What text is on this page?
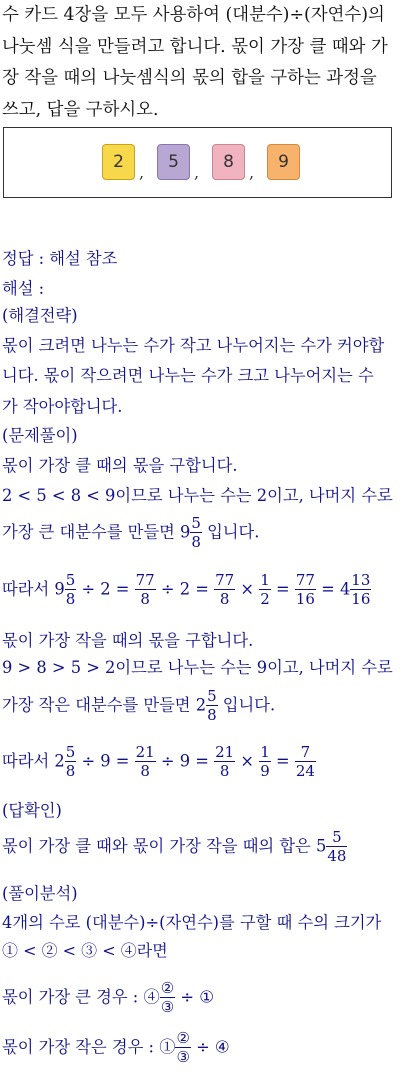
수 카드 4장을 모두 사용하여 (대분수)÷(자연수)의

나눗셈 식을 만들려고 합니다. 몫이 가장 클 때와 가

장 작을 때의 나눗셈식의 몫의 합을 구하는 과정을

쓰고, 답을 구하시오.

2
,
5
,
8
,
9
정답 : 해설 참조
해설 :
(해결전략)
몫이 크려면 나누는 수가 작고 나누어지는 수가 커야합
니다. 몫이 작으려면 나누는 수가 크고 나누어지는 수
가 작아야합니다.
(문제풀이)
몫이 가장 클 때의 몫을 구합니다.
2 < 5 < 8 < 9이므로 나누는 수는 2이고, 나머지 수로
가장 큰 대분수를 만들면 $9 \frac{5}{8}$ 입니다.
따라서 $9 \frac{5}{8} \div 2 = \frac{77}{8} \div 2 = \frac{77}{8} \times \frac{1}{2} = \frac{77}{16} = 4 \frac{13}{16}$
몫이 가장 작을 때의 몫을 구합니다.
9 > 8 > 5 > 2이므로 나누는 수는 9이고, 나머지 수로
가장 작은 대분수를 만들면 $2 \frac{5}{8}$ 입니다.
따라서 $2 \frac{5}{8} \div 9 = \frac{21}{8} \div 9 = \frac{21}{8} \times \frac{1}{9} = \frac{7}{24}$
(답확인)
몫이 가장 클 때와 몫이 가장 작을 때의 합은 $5 \frac{5}{48}$
(풀이분석)
4개의 수로 (대분수)÷(자연수)를 구할 때 수의 크기가
① < ② < ③ < ④라면
몫이 가장 큰 경우 : ④ $\frac{\text{②}}{\text{③}}$ ÷ ①
몫이 가장 작은 경우 : ① $\frac{\text{②}}{\text{③}}$ ÷ ④
